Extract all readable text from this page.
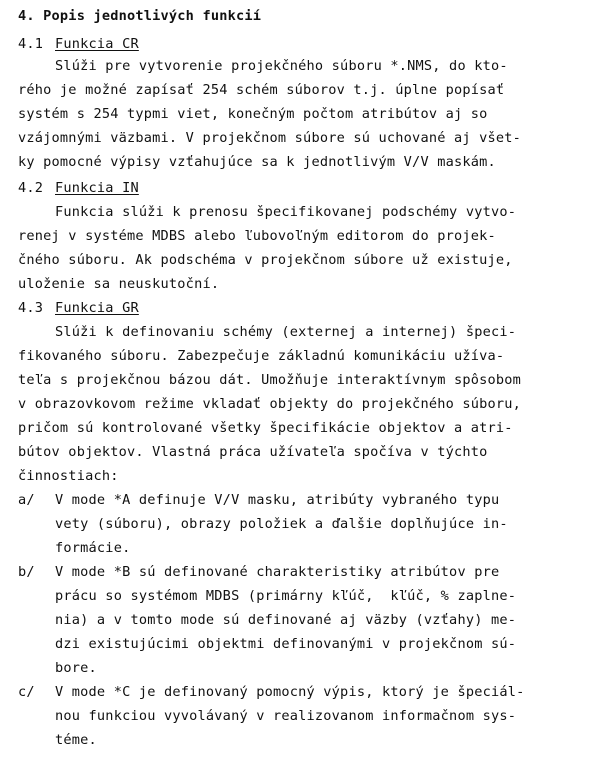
4. Popis jednotlivých funkcií
4.1 Funkcia CR
Slúži pre vytvorenie projekčného súboru *.NMS, do kto-
rého je možné zapísať 254 schém súborov t.j. úplne popísať
systém s 254 typmi viet, konečným počtom atribútov aj so
vzájomnými väzbami. V projekčnom súbore sú uchované aj všet-
ky pomocné výpisy vzťahujúce sa k jednotlivým V/V maskám.
4.2 Funkcia IN
Funkcia slúži k prenosu špecifikovanej podschémy vytvo-
renej v systéme MDBS alebo ľubovoľným editorom do projek-
čného súboru. Ak podschéma v projekčnom súbore už existuje,
uloženie sa neuskutoční.
4.3 Funkcia GR
Slúži k definovaniu schémy (externej a internej) špeci-
fikovaného súboru. Zabezpečuje základnú komunikáciu užíva-
teľa s projekčnou bázou dát. Umožňuje interaktívnym spôsobom
v obrazovkovom režime vkladať objekty do projekčného súboru,
pričom sú kontrolované všetky špecifikácie objektov a atri-
bútov objektov. Vlastná práca užívateľa spočíva v týchto
činnostiach:
a/ V mode *A definuje V/V masku, atribúty vybraného typu
vety (súboru), obrazy položiek a ďalšie doplňujúce in-
formácie.
b/ V mode *B sú definované charakteristiky atribútov pre
prácu so systémom MDBS (primárny kľúč,  kľúč, % zaplne-
nia) a v tomto mode sú definované aj väzby (vzťahy) me-
dzi existujúcimi objektmi definovanými v projekčnom sú-
bore.
c/ V mode *C je definovaný pomocný výpis, ktorý je špeciál-
nou funkciou vyvolávaný v realizovanom informačnom sys-
téme.
